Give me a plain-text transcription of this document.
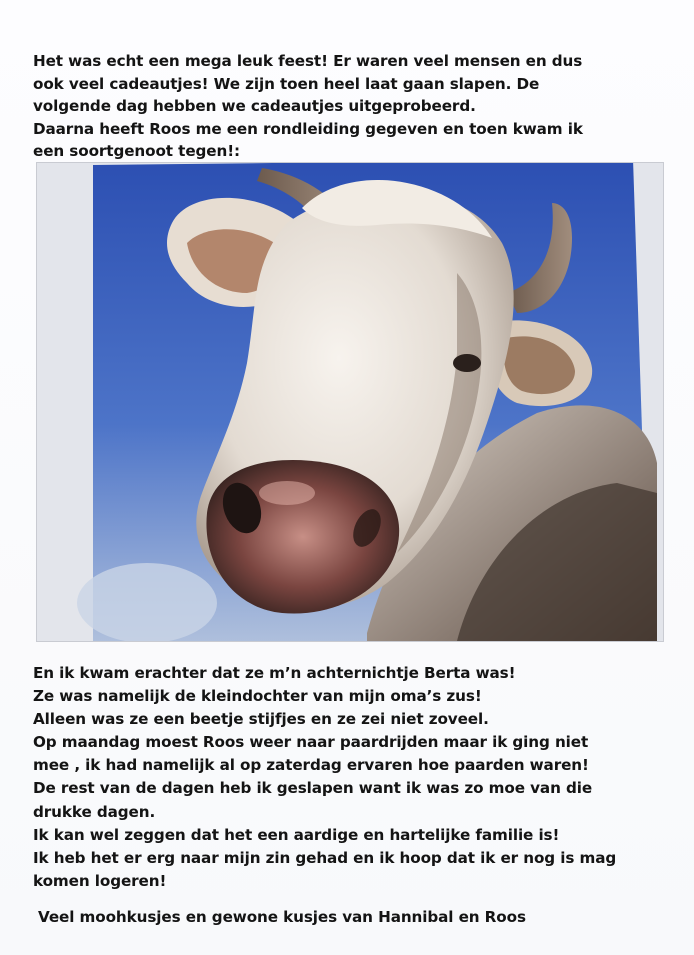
Het was echt een mega leuk feest! Er waren veel mensen en dus

ook veel cadeautjes! We zijn toen heel laat gaan slapen. De

volgende dag hebben we cadeautjes uitgeprobeerd.

Daarna heeft Roos me een rondleiding gegeven en toen kwam ik

een soortgenoot tegen!:

En ik kwam erachter dat ze m’n achternichtje Berta was!

Ze was namelijk de kleindochter van mijn oma’s zus!

Alleen was ze een beetje stijfjes en ze zei niet zoveel.

Op maandag moest Roos weer naar paardrijden maar ik ging niet

mee , ik had namelijk al op zaterdag ervaren hoe paarden waren!

De rest van de dagen heb ik geslapen want ik was zo moe van die

drukke dagen.

Ik kan wel zeggen dat het een aardige en hartelijke familie is!

Ik heb het er erg naar mijn zin gehad en ik hoop dat ik er nog is mag

komen logeren!

Veel moohkusjes en gewone kusjes van Hannibal en Roos
